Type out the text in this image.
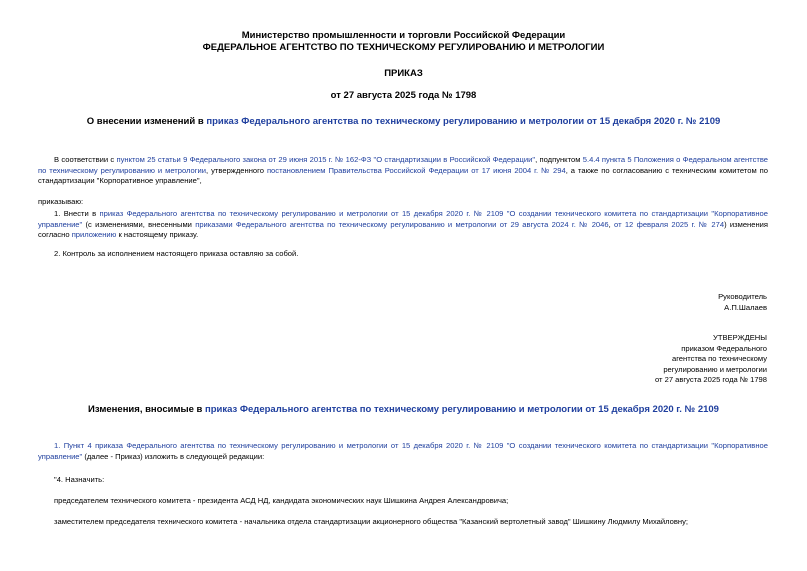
Министерство промышленности и торговли Российской Федерации
ФЕДЕРАЛЬНОЕ АГЕНТСТВО ПО ТЕХНИЧЕСКОМУ РЕГУЛИРОВАНИЮ И МЕТРОЛОГИИ
ПРИКАЗ
от 27 августа 2025 года № 1798
О внесении изменений в приказ Федерального агентства по техническому регулированию и метрологии от 15 декабря 2020 г. № 2109
В соответствии с пунктом 25 статьи 9 Федерального закона от 29 июня 2015 г. № 162-ФЗ "О стандартизации в Российской Федерации", подпунктом 5.4.4 пункта 5 Положения о Федеральном агентстве по техническому регулированию и метрологии, утвержденного постановлением Правительства Российской Федерации от 17 июня 2004 г. № 294, а также по согласованию с техническим комитетом по стандартизации "Корпоративное управление",
приказываю:
1. Внести в приказ Федерального агентства по техническому регулированию и метрологии от 15 декабря 2020 г. № 2109 "О создании технического комитета по стандартизации "Корпоративное управление" (с изменениями, внесенными приказами Федерального агентства по техническому регулированию и метрологии от 29 августа 2024 г. № 2046, от 12 февраля 2025 г. № 274) изменения согласно приложению к настоящему приказу.
2. Контроль за исполнением настоящего приказа оставляю за собой.
Руководитель
А.П.Шалаев
УТВЕРЖДЕНЫ
приказом Федерального
агентства по техническому
регулированию и метрологии
от 27 августа 2025 года № 1798
Изменения, вносимые в приказ Федерального агентства по техническому регулированию и метрологии от 15 декабря 2020 г. № 2109
1. Пункт 4 приказа Федерального агентства по техническому регулированию и метрологии от 15 декабря 2020 г. № 2109 "О создании технического комитета по стандартизации "Корпоративное управление" (далее - Приказ) изложить в следующей редакции:
"4. Назначить:
председателем технического комитета - президента АСД НД, кандидата экономических наук Шишкина Андрея Александровича;
заместителем председателя технического комитета - начальника отдела стандартизации акционерного общества "Казанский вертолетный завод" Шишкину Людмилу Михайловну;
